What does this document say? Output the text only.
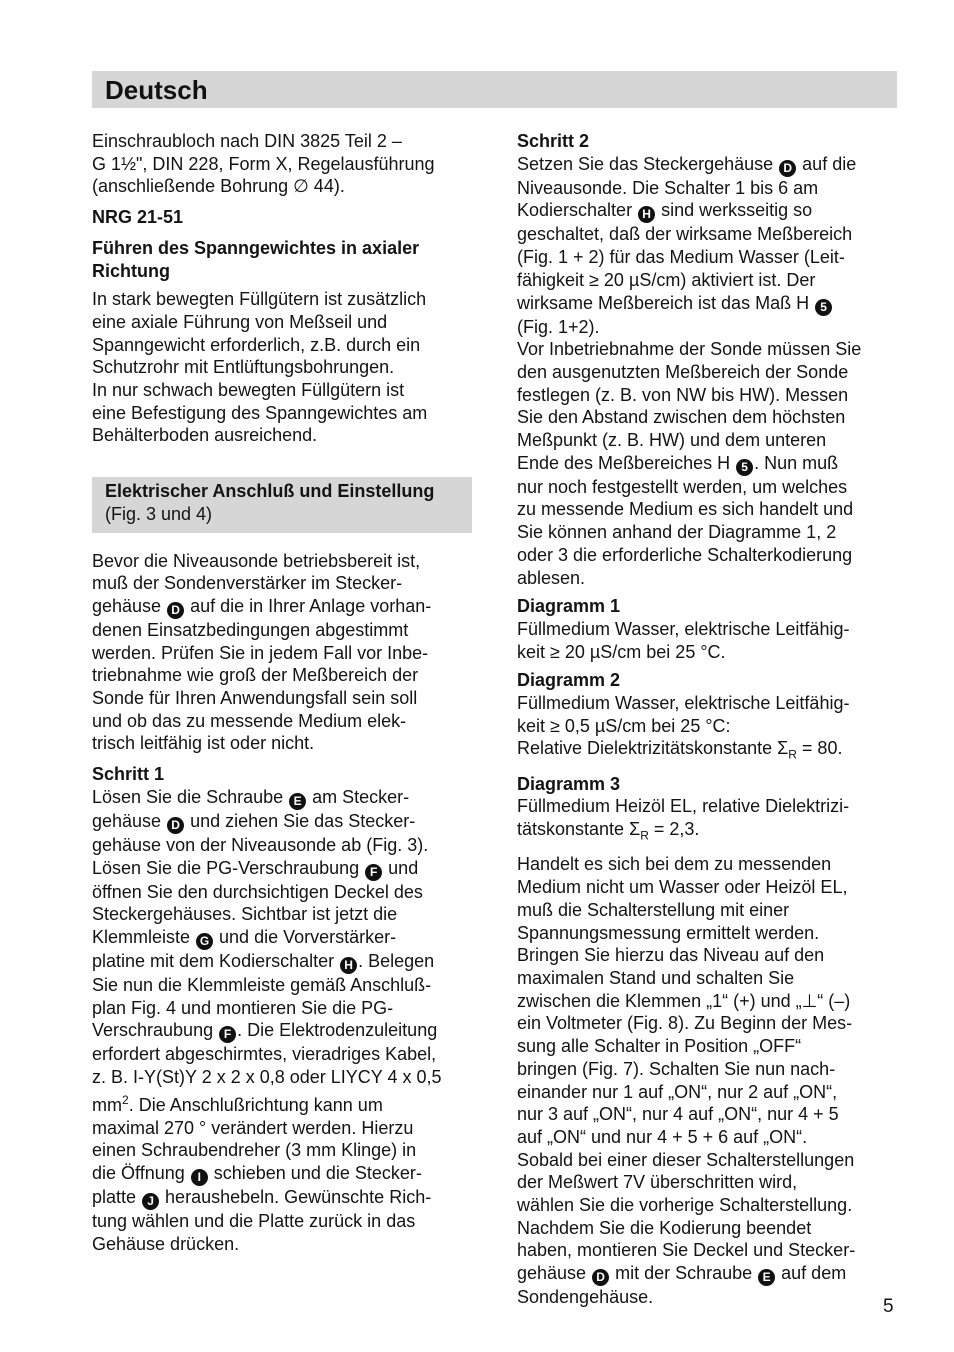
Deutsch

Einschraubloch nach DIN 3825 Teil 2 –
G 1½", DIN 228, Form X, Regelausführung
(anschließende Bohrung ∅ 44).

NRG 21-51
Führen des Spanngewichtes in axialer
Richtung

In stark bewegten Füllgütern ist zusätzlich
eine axiale Führung von Meßseil und
Spanngewicht erforderlich, z.B. durch ein
Schutzrohr mit Entlüftungsbohrungen.
In nur schwach bewegten Füllgütern ist
eine Befestigung des Spanngewichtes am
Behälterboden ausreichend.

Elektrischer Anschluß und Einstellung
(Fig. 3 und 4)

Bevor die Niveausonde betriebsbereit ist,
muß der Sondenverstärker im Stecker-
gehäuse D auf die in Ihrer Anlage vorhan-
denen Einsatzbedingungen abgestimmt
werden. Prüfen Sie in jedem Fall vor Inbe-
triebnahme wie groß der Meßbereich der
Sonde für Ihren Anwendungsfall sein soll
und ob das zu messende Medium elek-
trisch leitfähig ist oder nicht.

Schritt 1

Lösen Sie die Schraube E am Stecker-
gehäuse D und ziehen Sie das Stecker-
gehäuse von der Niveausonde ab (Fig. 3).
Lösen Sie die PG-Verschraubung F und
öffnen Sie den durchsichtigen Deckel des
Steckergehäuses. Sichtbar ist jetzt die
Klemmleiste G und die Vorverstärker-
platine mit dem Kodierschalter H . Belegen
Sie nun die Klemmleiste gemäß Anschluß-
plan Fig. 4 und montieren Sie die PG-
Verschraubung F . Die Elektrodenzuleitung
erfordert abgeschirmtes, vieradriges Kabel,
z. B. I-Y(St)Y 2 x 2 x 0,8 oder LIYCY 4 x 0,5
$mm^2$. Die Anschlußrichtung kann um
maximal 270 ° verändert werden. Hierzu
einen Schraubendreher (3 mm Klinge) in
die Öffnung I schieben und die Stecker-
platte J heraushebeln. Gewünschte Rich-
tung wählen und die Platte zurück in das
Gehäuse drücken.

Schritt 2

Setzen Sie das Steckergehäuse D auf die
Niveausonde. Die Schalter 1 bis 6 am
Kodierschalter H sind werksseitig so
geschaltet, daß der wirksame Meßbereich
(Fig. 1 + 2) für das Medium Wasser (Leit-
fähigkeit ≥ 20 µS/cm) aktiviert ist. Der
wirksame Meßbereich ist das Maß H 5
(Fig. 1+2).
Vor Inbetriebnahme der Sonde müssen Sie
den ausgenutzten Meßbereich der Sonde
festlegen (z. B. von NW bis HW). Messen
Sie den Abstand zwischen dem höchsten
Meßpunkt (z. B. HW) und dem unteren
Ende des Meßbereiches H 5 . Nun muß
nur noch festgestellt werden, um welches
zu messende Medium es sich handelt und
Sie können anhand der Diagramme 1, 2
oder 3 die erforderliche Schalterkodierung
ablesen.

Diagramm 1

Füllmedium Wasser, elektrische Leitfähig-
keit ≥ 20 µS/cm bei 25 °C.

Diagramm 2

Füllmedium Wasser, elektrische Leitfähig-
keit ≥ 0,5 µS/cm bei 25 °C:
Relative Dielektrizitätskonstante $\Sigma_R = 80$.

Diagramm 3

Füllmedium Heizöl EL, relative Dielektrizi-
tätskonstante $\Sigma_R = 2,3$.

Handelt es sich bei dem zu messenden
Medium nicht um Wasser oder Heizöl EL,
muß die Schalterstellung mit einer
Spannungsmessung ermittelt werden.
Bringen Sie hierzu das Niveau auf den
maximalen Stand und schalten Sie
zwischen die Klemmen „1“ (+) und „⊥“ (–)
ein Voltmeter (Fig. 8). Zu Beginn der Mes-
sung alle Schalter in Position „OFF“
bringen (Fig. 7). Schalten Sie nun nach-
einander nur 1 auf „ON“, nur 2 auf „ON“,
nur 3 auf „ON“, nur 4 auf „ON“, nur 4 + 5
auf „ON“ und nur 4 + 5 + 6 auf „ON“.
Sobald bei einer dieser Schalterstellungen
der Meßwert 7V überschritten wird,
wählen Sie die vorherige Schalterstellung.
Nachdem Sie die Kodierung beendet
haben, montieren Sie Deckel und Stecker-
gehäuse D mit der Schraube E auf dem
Sondengehäuse.	5
